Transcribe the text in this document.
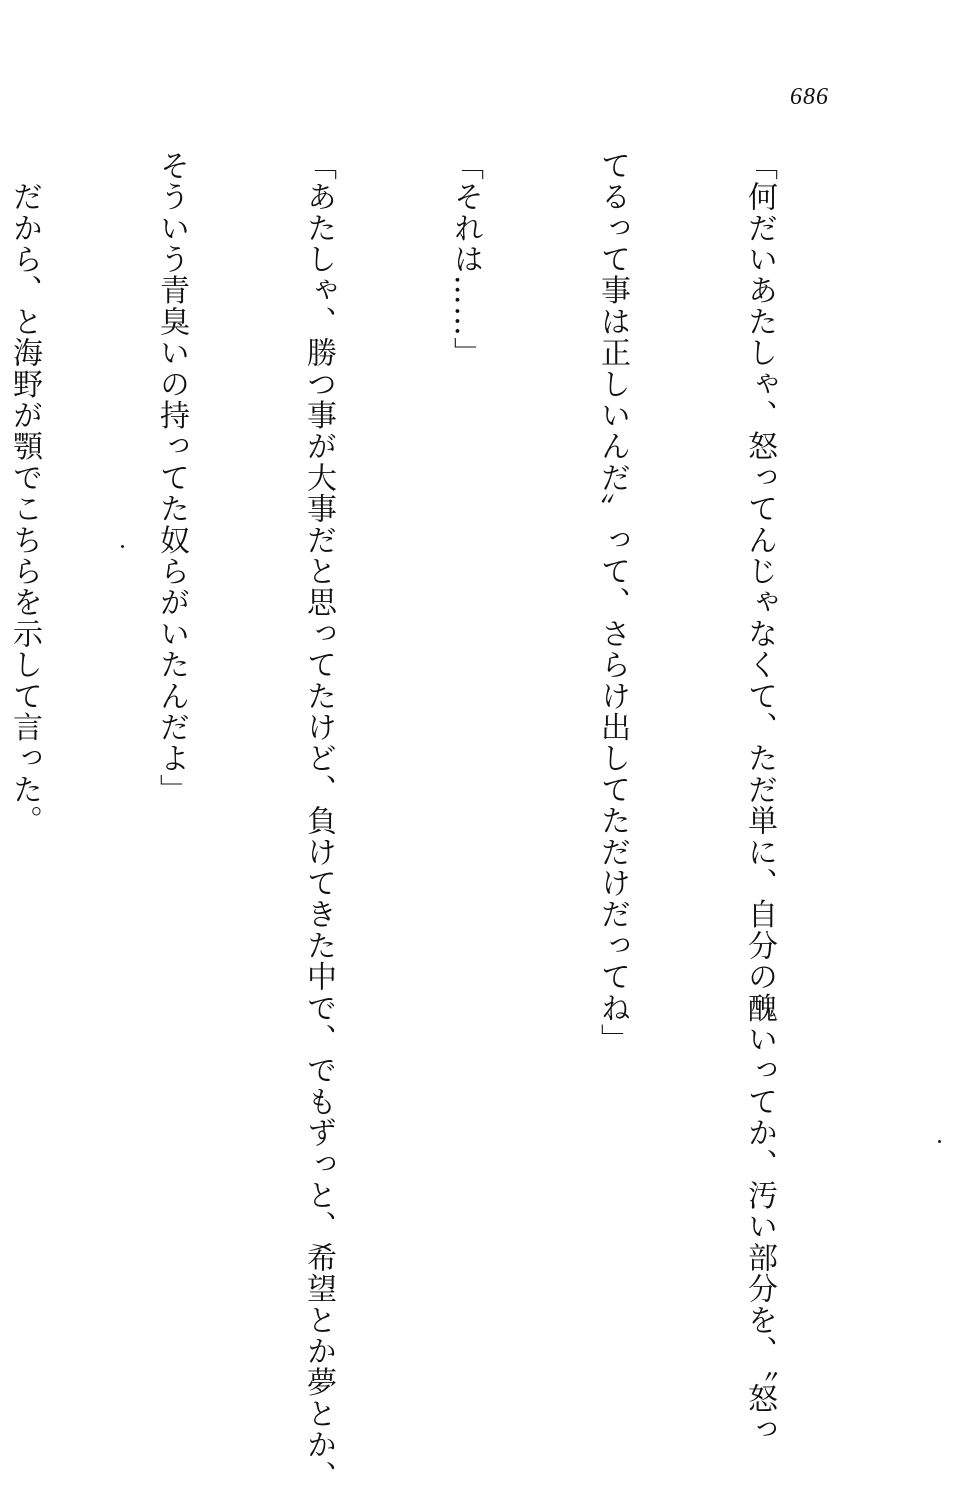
686

「何だいあたしゃ、怒ってんじゃなくて、ただ単に、自分の醜いってか、汚い部分を、〝怒っ

てるって事は正しいんだ〟って、さらけ出してただけだってね」

「それは……」

「あたしゃ、勝つ事が大事だと思ってたけど、負けてきた中で、でもずっと、希望とか夢とか、

そういう青臭いの持ってた奴らがいたんだよ」

　だから、と海野が顎でこちらを示して言った。
